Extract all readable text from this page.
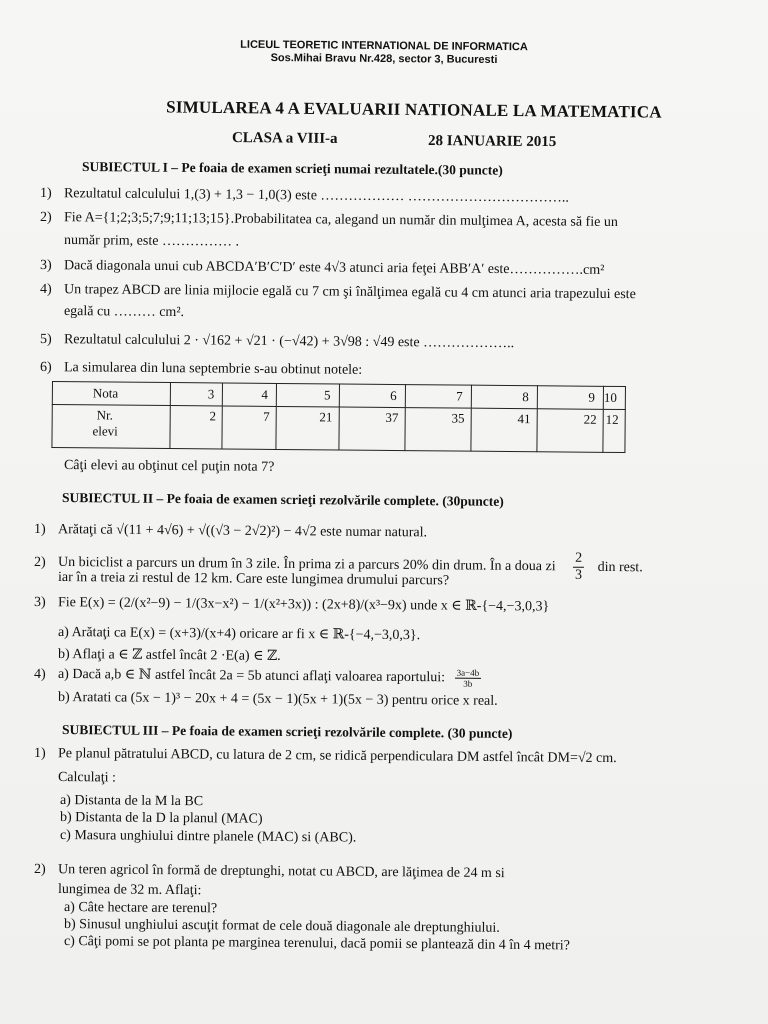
LICEUL TEORETIC INTERNATIONAL DE INFORMATICA
Sos.Mihai Bravu Nr.428, sector 3, Bucuresti
SIMULAREA 4 A EVALUARII NATIONALE LA MATEMATICA
CLASA a VIII-a	28 IANUARIE 2015
SUBIECTUL I – Pe foaia de examen scrieţi numai rezultatele.(30 puncte)
1) Rezultatul calculului 1,(3) + 1,3 − 1,0(3) este ……………… ……………………………..
2) Fie A={1;2;3;5;7;9;11;13;15}.Probabilitatea ca, alegand un număr din mulţimea A, acesta să fie un
număr prim, este …………… .
3) Dacă diagonala unui cub ABCDA′B′C′D′ este 4√3 atunci aria feţei ABB′A′ este…………….cm²
4) Un trapez ABCD are linia mijlocie egală cu 7 cm şi înălţimea egală cu 4 cm atunci aria trapezului este
egală cu ……… cm².
5) Rezultatul calculului 2 · √162 + √21 · (−√42) + 3√98 : √49 este ………………..
6) La simularea din luna septembrie s-au obtinut notele:
Nota	3	4	5	6	7	8	9	10
Nr.
elevi	2	7	21	37	35	41	22	12
Câţi elevi au obţinut cel puţin nota 7?
SUBIECTUL II – Pe foaia de examen scrieţi rezolvările complete. (30puncte)
1) Arătaţi că √(11 + 4√6) + √((√3 − 2√2)²) − 4√2 este numar natural.
2) Un biciclist a parcurs un drum în 3 zile. În prima zi a parcurs 20% din drum. În a doua zi $\frac{2}{3}$ din rest.
iar în a treia zi restul de 12 km. Care este lungimea drumului parcurs?
3) Fie E(x) = (2/(x²−9) − 1/(3x−x²) − 1/(x²+3x)) : (2x+8)/(x³−9x) unde x ∈ ℝ-{−4,−3,0,3}
a) Arătaţi ca E(x) = (x+3)/(x+4) oricare ar fi x ∈ ℝ-{−4,−3,0,3}.
b) Aflaţi a ∈ ℤ astfel încât 2 ·E(a) ∈ ℤ.
4) a) Dacă a,b ∈ ℕ astfel încât 2a = 5b atunci aflaţi valoarea raportului: $\frac{3a-4b}{3b}$
b) Aratati ca (5x − 1)³ − 20x + 4 = (5x − 1)(5x + 1)(5x − 3) pentru orice x real.
SUBIECTUL III – Pe foaia de examen scrieţi rezolvările complete. (30 puncte)
1) Pe planul pătratului ABCD, cu latura de 2 cm, se ridică perpendiculara DM astfel încât DM=√2 cm.
Calculaţi :
a) Distanta de la M la BC
b) Distanta de la D la planul (MAC)
c) Masura unghiului dintre planele (MAC) si (ABC).
2) Un teren agricol în formă de dreptunghi, notat cu ABCD, are lăţimea de 24 m si
lungimea de 32 m. Aflaţi:
a) Câte hectare are terenul?
b) Sinusul unghiului ascuţit format de cele două diagonale ale dreptunghiului.
c) Câţi pomi se pot planta pe marginea terenului, dacă pomii se plantează din 4 în 4 metri?
